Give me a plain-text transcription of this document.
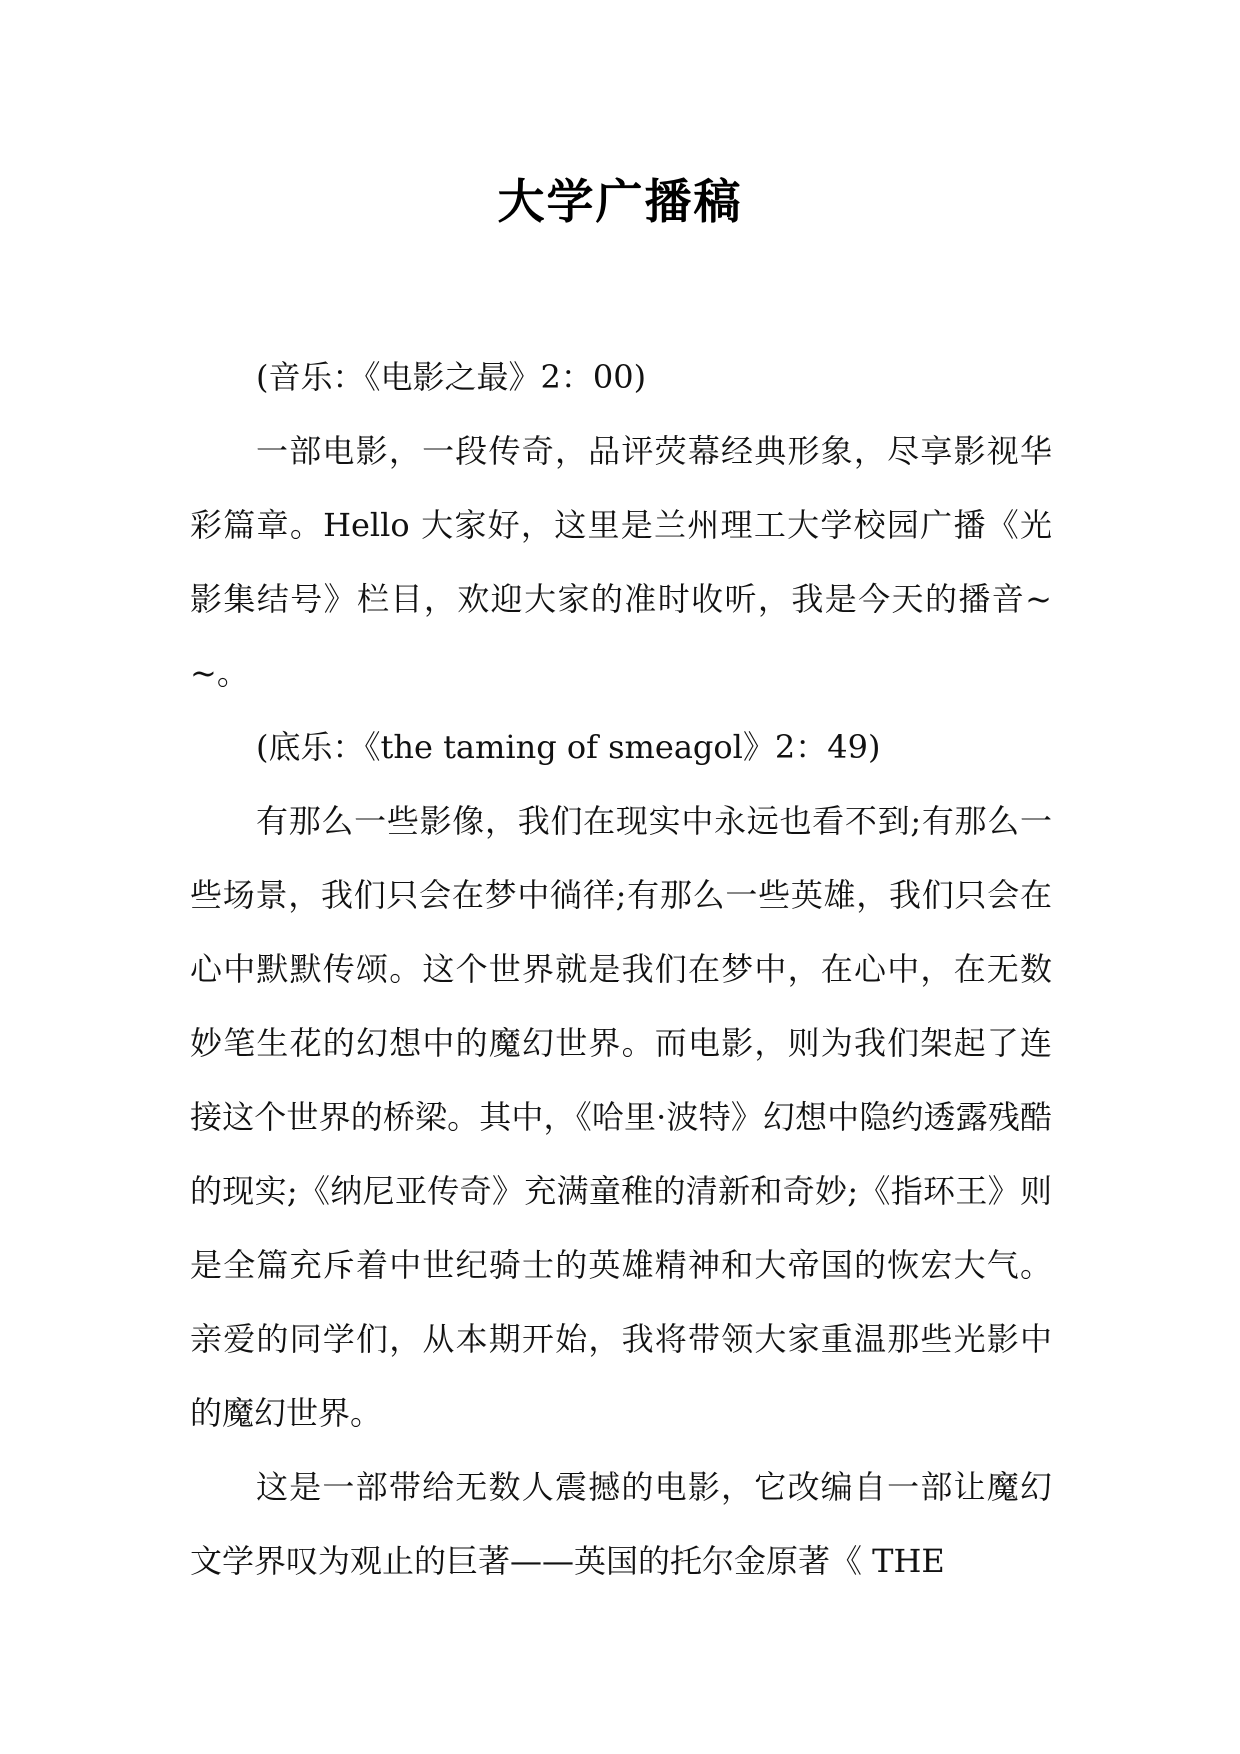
大学广播稿

(音乐：《电影之最》2：00)

一部电影，一段传奇，品评荧幕经典形象，尽享影视华彩篇章。Hello 大家好，这里是兰州理工大学校园广播《光影集结号》栏目，欢迎大家的准时收听，我是今天的播音~~。

(底乐：《the taming of smeagol》2：49)

有那么一些影像，我们在现实中永远也看不到;有那么一些场景，我们只会在梦中徜徉;有那么一些英雄，我们只会在心中默默传颂。这个世界就是我们在梦中，在心中，在无数妙笔生花的幻想中的魔幻世界。而电影，则为我们架起了连接这个世界的桥梁。其中，《哈里·波特》幻想中隐约透露残酷的现实;《纳尼亚传奇》充满童稚的清新和奇妙;《指环王》则是全篇充斥着中世纪骑士的英雄精神和大帝国的恢宏大气。亲爱的同学们，从本期开始，我将带领大家重温那些光影中的魔幻世界。

这是一部带给无数人震撼的电影，它改编自一部让魔幻文学界叹为观止的巨著——英国的托尔金原著《 THE
